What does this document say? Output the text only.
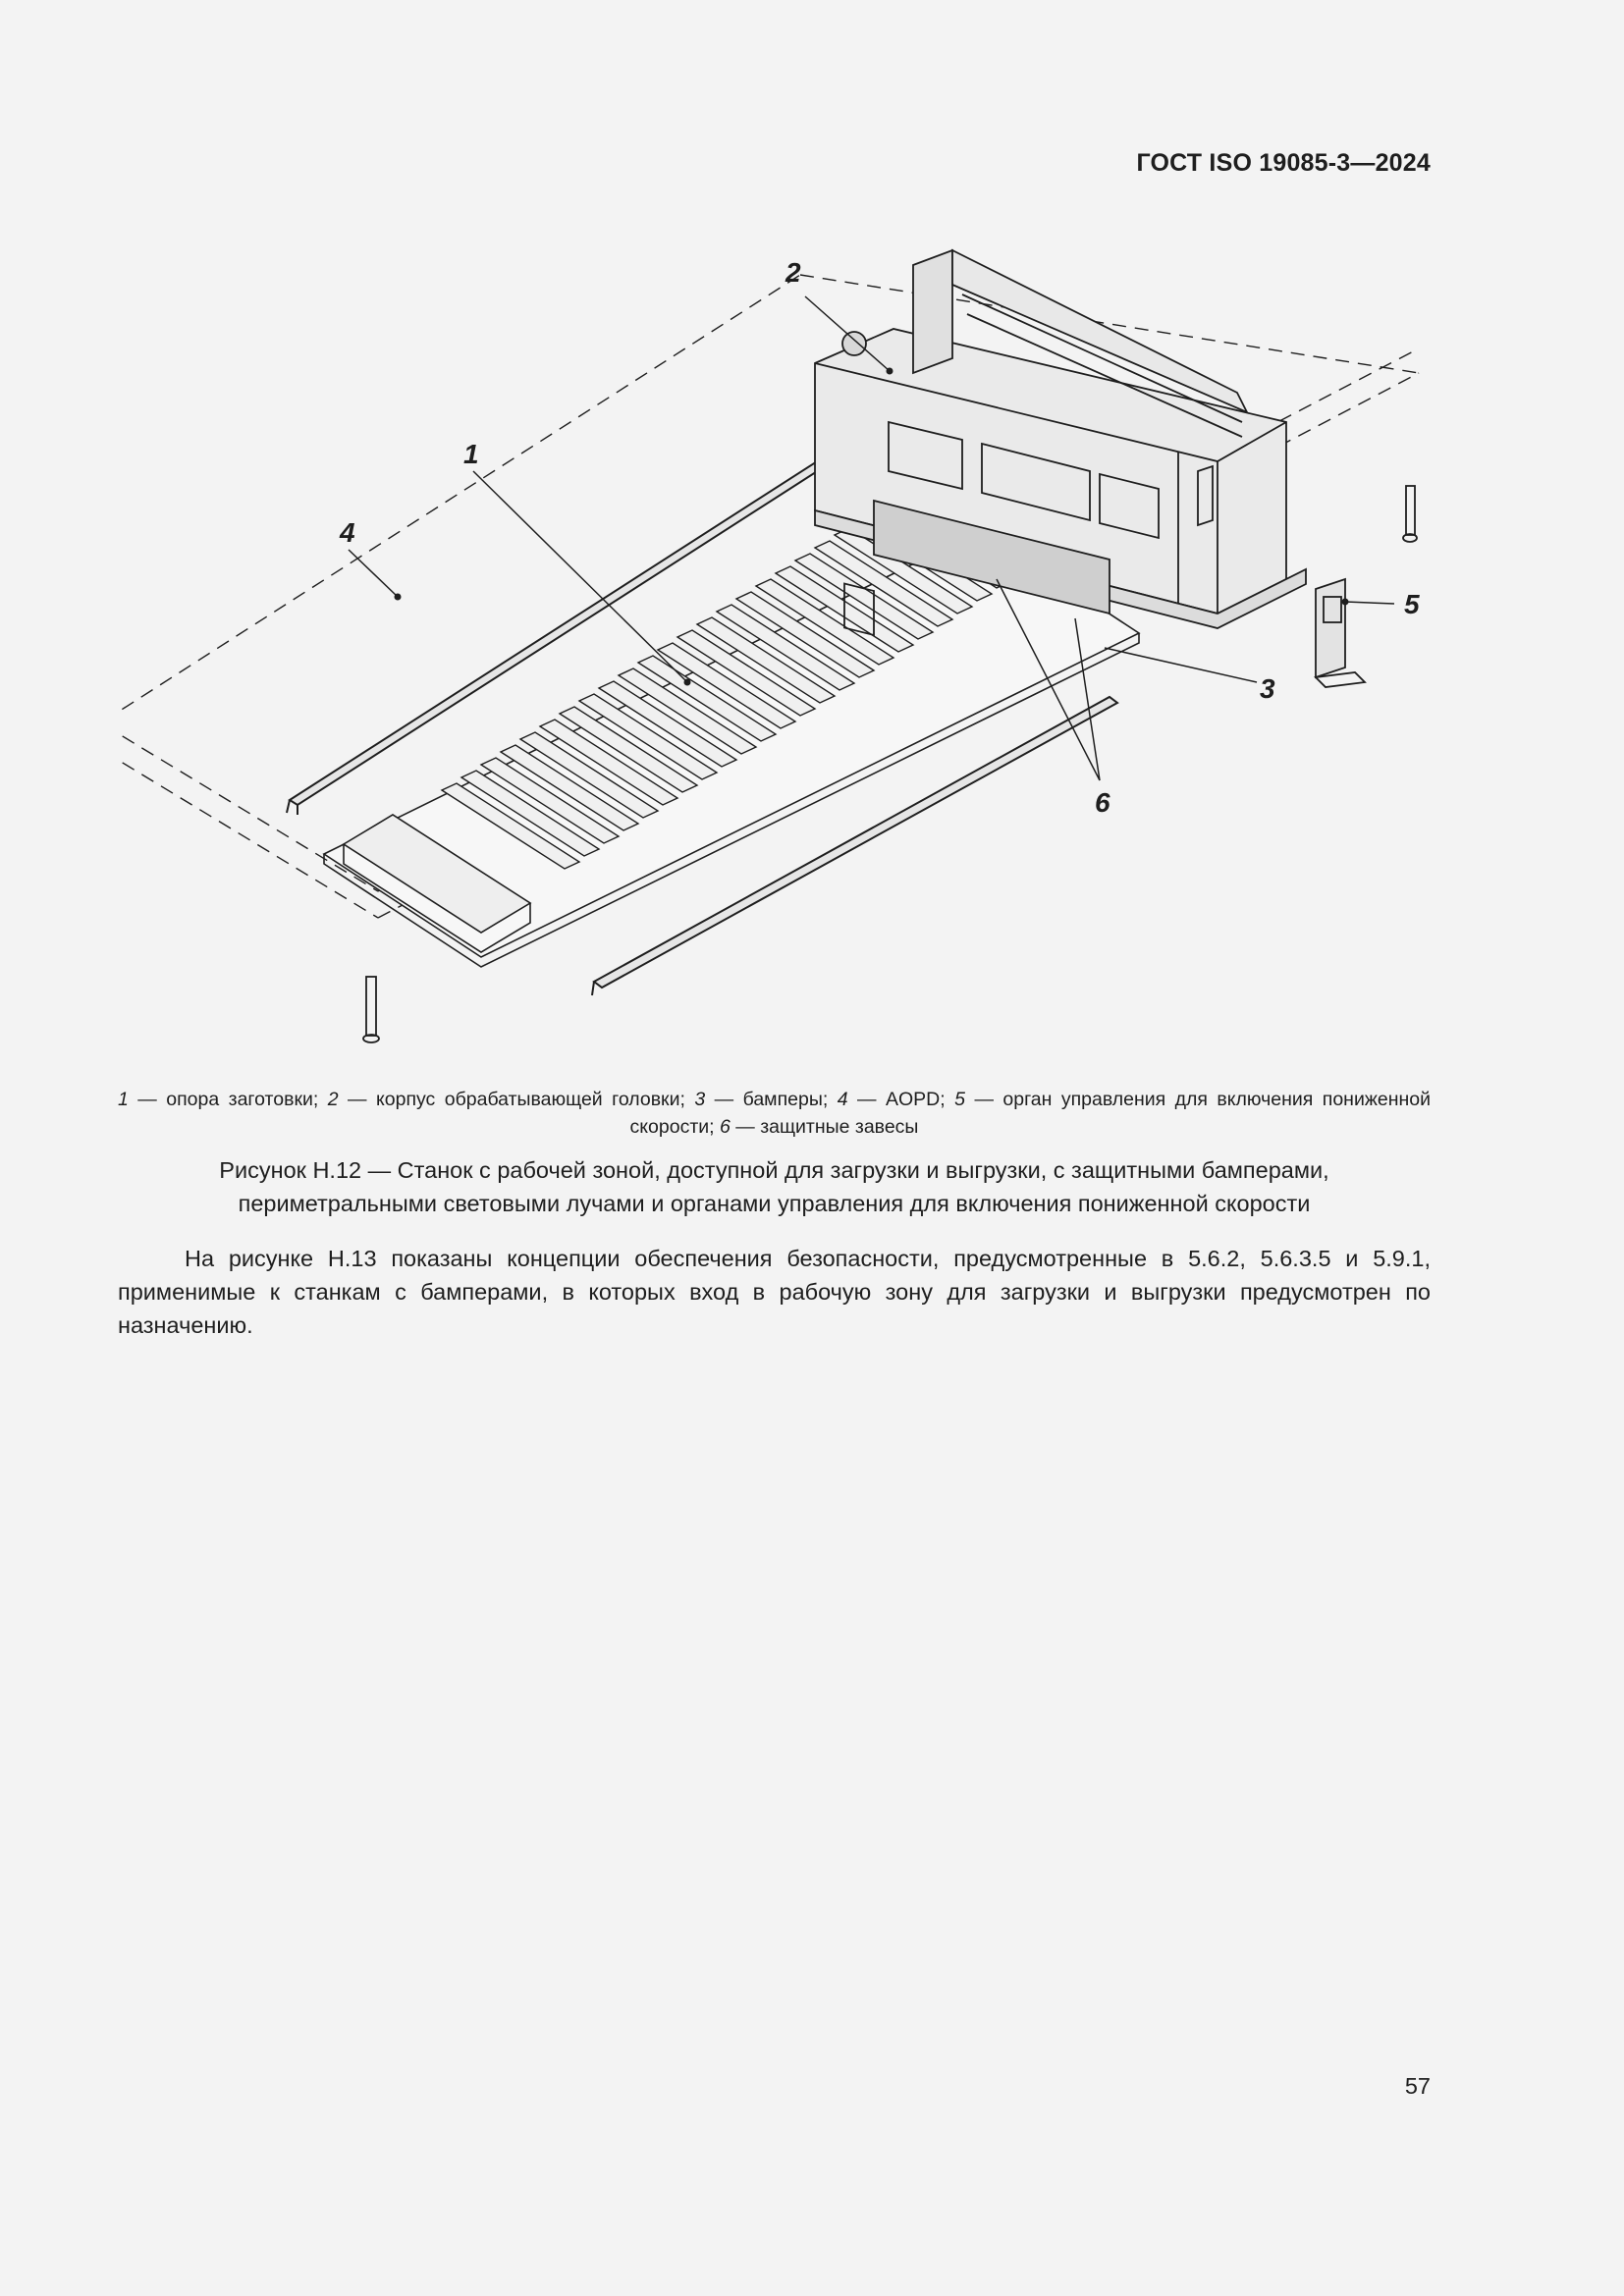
ГОСТ ISO 19085-3—2024
1
2
3
4
5
6
1 — опора заготовки; 2 — корпус обрабатывающей головки; 3 — бамперы; 4 — AOPD; 5 — орган управления для включения пониженной скорости; 6 — защитные завесы
Рисунок H.12 — Станок с рабочей зоной, доступной для загрузки и выгрузки, с защитными бамперами,
периметральными световыми лучами и органами управления для включения пониженной скорости
На рисунке H.13 показаны концепции обеспечения безопасности, предусмотренные в 5.6.2, 5.6.3.5 и 5.9.1, применимые к станкам с бамперами, в которых вход в рабочую зону для загрузки и выгрузки предусмотрен по назначению.
57
